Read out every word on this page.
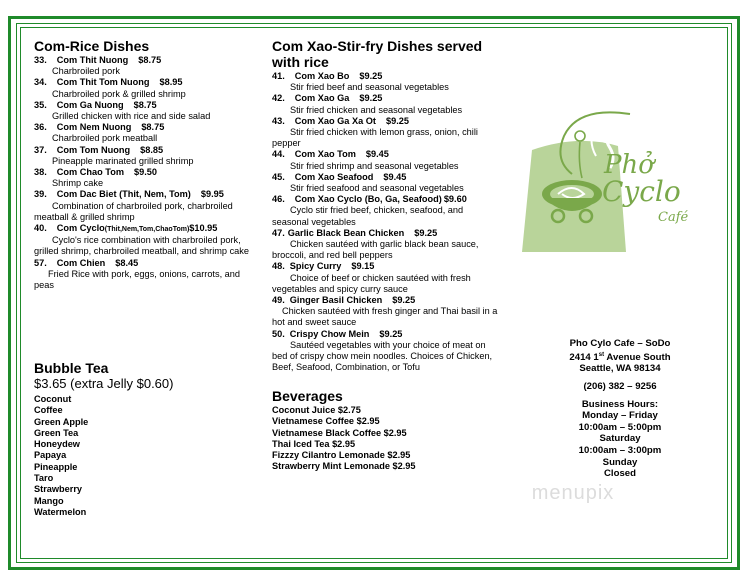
Com-Rice Dishes
33. Com Thit Nuong $8.75
Charbroiled pork
34. Com Thit Tom Nuong $8.95
Charbroiled pork & grilled shrimp
35. Com Ga Nuong $8.75
Grilled chicken with rice and side salad
36. Com Nem Nuong $8.75
Charbroiled pork meatball
37. Com Tom Nuong $8.85
Pineapple marinated grilled shrimp
38. Com Chao Tom $9.50
Shrimp cake
39. Com Dac Biet (Thit, Nem, Tom) $9.95
Combination of charbroiled pork, charbroiled meatball & grilled shrimp
40. Com Cyclo(Thit,Nem,Tom,ChaoTom)$10.95
Cyclo's rice combination with charbroiled pork, grilled shrimp, charbroiled meatball, and shrimp cake
57. Com Chien $8.45
Fried Rice with pork, eggs, onions, carrots, and peas
Bubble Tea
$3.65 (extra Jelly $0.60)
Coconut
Coffee
Green Apple
Green Tea
Honeydew
Papaya
Pineapple
Taro
Strawberry
Mango
Watermelon
Com Xao-Stir-fry Dishes served with rice
41. Com Xao Bo $9.25
Stir fried beef and seasonal vegetables
42. Com Xao Ga $9.25
Stir fried chicken and seasonal vegetables
43. Com Xao Ga Xa Ot $9.25
Stir fried chicken with lemon grass, onion, chili pepper
44. Com Xao Tom $9.45
Stir fried shrimp and seasonal vegetables
45. Com Xao Seafood $9.45
Stir fried seafood and seasonal vegetables
46. Com Xao Cyclo (Bo, Ga, Seafood) $9.60
Cyclo stir fried beef, chicken, seafood, and seasonal vegetables
47. Garlic Black Bean Chicken $9.25
Chicken sautéed with garlic black bean sauce, broccoli, and red bell peppers
48. Spicy Curry $9.15
Choice of beef or chicken sautéed with fresh vegetables and spicy curry sauce
49. Ginger Basil Chicken $9.25
Chicken sautéed with fresh ginger and Thai basil in a hot and sweet sauce
50. Crispy Chow Mein $9.25
Sautéed vegetables with your choice of meat on bed of crispy chow mein noodles. Choices of Chicken, Beef, Seafood, Combination, or Tofu
Beverages
Coconut Juice $2.75
Vietnamese Coffee $2.95
Vietnamese Black Coffee $2.95
Thai Iced Tea $2.95
Fizzzy Cilantro Lemonade $2.95
Strawberry Mint Lemonade $2.95
Phở
Cyclo
Café
Pho Cylo Cafe – SoDo
2414 1st Avenue South
Seattle, WA 98134
(206) 382 – 9256
Business Hours:
Monday – Friday
10:00am – 5:00pm
Saturday
10:00am – 3:00pm
Sunday
Closed
menupix
